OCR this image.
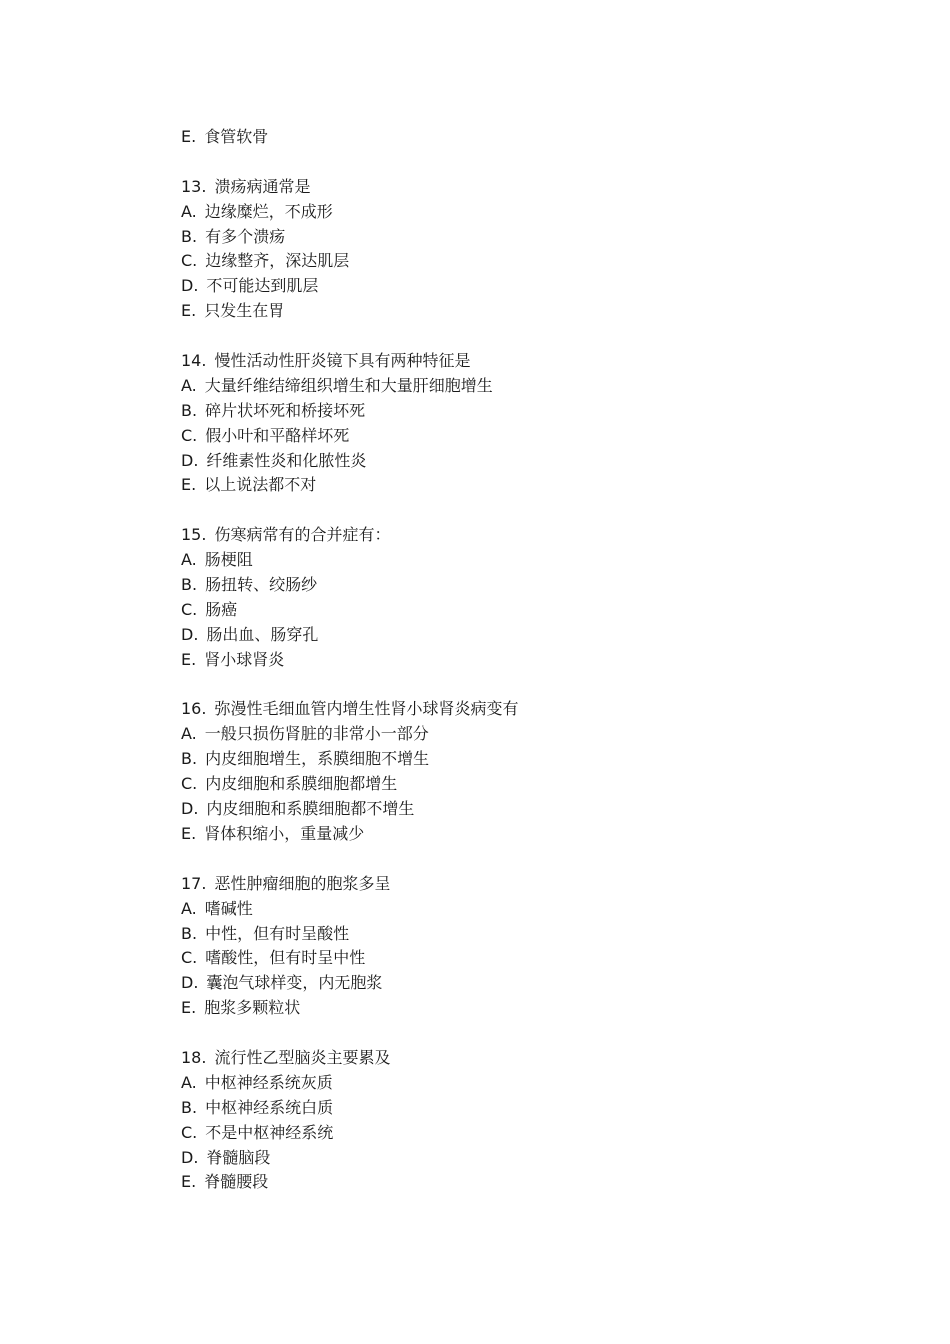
E. 食管软骨
13. 溃疡病通常是
A. 边缘糜烂，不成形
B. 有多个溃疡
C. 边缘整齐，深达肌层
D. 不可能达到肌层
E. 只发生在胃
14. 慢性活动性肝炎镜下具有两种特征是
A. 大量纤维结缔组织增生和大量肝细胞增生
B. 碎片状坏死和桥接坏死
C. 假小叶和平酪样坏死
D. 纤维素性炎和化脓性炎
E. 以上说法都不对
15. 伤寒病常有的合并症有：
A. 肠梗阻
B. 肠扭转、绞肠纱
C. 肠癌
D. 肠出血、肠穿孔
E. 肾小球肾炎
16. 弥漫性毛细血管内增生性肾小球肾炎病变有
A. 一般只损伤肾脏的非常小一部分
B. 内皮细胞增生，系膜细胞不增生
C. 内皮细胞和系膜细胞都增生
D. 内皮细胞和系膜细胞都不增生
E. 肾体积缩小，重量减少
17. 恶性肿瘤细胞的胞浆多呈
A. 嗜碱性
B. 中性，但有时呈酸性
C. 嗜酸性，但有时呈中性
D. 囊泡气球样变，内无胞浆
E. 胞浆多颗粒状
18. 流行性乙型脑炎主要累及
A. 中枢神经系统灰质
B. 中枢神经系统白质
C. 不是中枢神经系统
D. 脊髓脑段
E. 脊髓腰段
